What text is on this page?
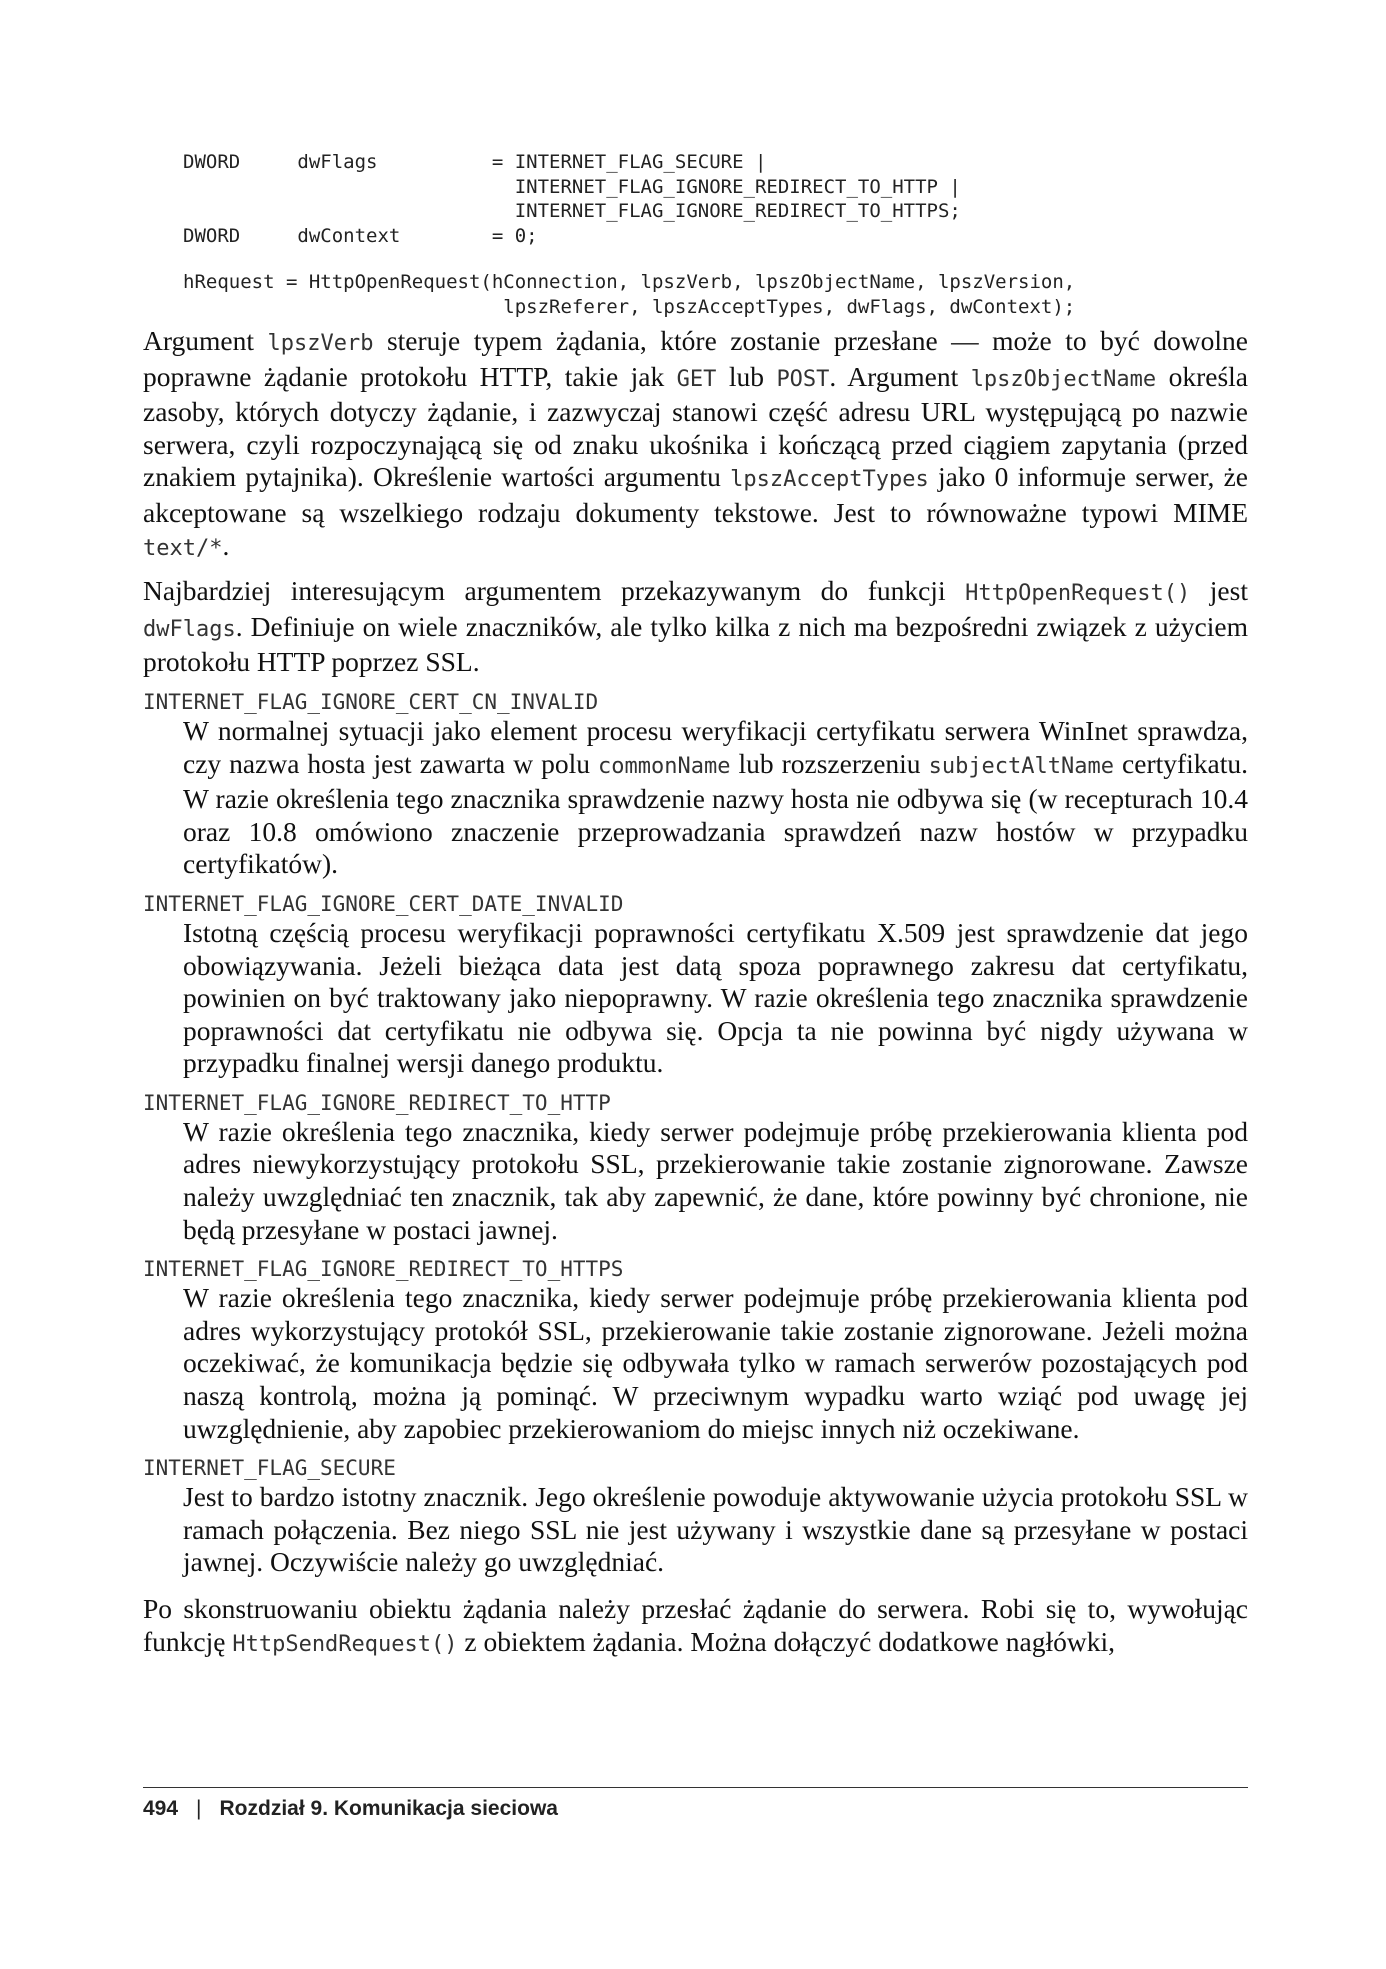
DWORD     dwFlags          = INTERNET_FLAG_SECURE |
INTERNET_FLAG_IGNORE_REDIRECT_TO_HTTP |
INTERNET_FLAG_IGNORE_REDIRECT_TO_HTTPS;
DWORD     dwContext        = 0;
hRequest = HttpOpenRequest(hConnection, lpszVerb, lpszObjectName, lpszVersion,
lpszReferer, lpszAcceptTypes, dwFlags, dwContext);

Argument lpszVerb steruje typem żądania, które zostanie przesłane — może to być dowolne poprawne żądanie protokołu HTTP, takie jak GET lub POST. Argument lpszObjectName określa zasoby, których dotyczy żądanie, i zazwyczaj stanowi część adresu URL występującą po nazwie serwera, czyli rozpoczynającą się od znaku ukośnika i kończącą przed ciągiem zapytania (przed znakiem pytajnika). Określenie wartości argumentu lpszAcceptTypes jako 0 informuje serwer, że akceptowane są wszelkiego rodzaju dokumenty tekstowe. Jest to równoważne typowi MIME text/*.

Najbardziej interesującym argumentem przekazywanym do funkcji HttpOpenRequest() jest dwFlags. Definiuje on wiele znaczników, ale tylko kilka z nich ma bezpośredni związek z użyciem protokołu HTTP poprzez SSL.

INTERNET_FLAG_IGNORE_CERT_CN_INVALID

W normalnej sytuacji jako element procesu weryfikacji certyfikatu serwera WinInet sprawdza, czy nazwa hosta jest zawarta w polu commonName lub rozszerzeniu subjectAltName certyfikatu. W razie określenia tego znacznika sprawdzenie nazwy hosta nie odbywa się (w recepturach 10.4 oraz 10.8 omówiono znaczenie przeprowadzania sprawdzeń nazw hostów w przypadku certyfikatów).

INTERNET_FLAG_IGNORE_CERT_DATE_INVALID

Istotną częścią procesu weryfikacji poprawności certyfikatu X.509 jest sprawdzenie dat jego obowiązywania. Jeżeli bieżąca data jest datą spoza poprawnego zakresu dat certyfikatu, powinien on być traktowany jako niepoprawny. W razie określenia tego znacznika sprawdzenie poprawności dat certyfikatu nie odbywa się. Opcja ta nie powinna być nigdy używana w przypadku finalnej wersji danego produktu.

INTERNET_FLAG_IGNORE_REDIRECT_TO_HTTP

W razie określenia tego znacznika, kiedy serwer podejmuje próbę przekierowania klienta pod adres niewykorzystujący protokołu SSL, przekierowanie takie zostanie zignorowane. Zawsze należy uwzględniać ten znacznik, tak aby zapewnić, że dane, które powinny być chronione, nie będą przesyłane w postaci jawnej.

INTERNET_FLAG_IGNORE_REDIRECT_TO_HTTPS

W razie określenia tego znacznika, kiedy serwer podejmuje próbę przekierowania klienta pod adres wykorzystujący protokół SSL, przekierowanie takie zostanie zignorowane. Jeżeli można oczekiwać, że komunikacja będzie się odbywała tylko w ramach serwerów pozostających pod naszą kontrolą, można ją pominąć. W przeciwnym wypadku warto wziąć pod uwagę jej uwzględnienie, aby zapobiec przekierowaniom do miejsc innych niż oczekiwane.

INTERNET_FLAG_SECURE

Jest to bardzo istotny znacznik. Jego określenie powoduje aktywowanie użycia protokołu SSL w ramach połączenia. Bez niego SSL nie jest używany i wszystkie dane są przesyłane w postaci jawnej. Oczywiście należy go uwzględniać.

Po skonstruowaniu obiektu żądania należy przesłać żądanie do serwera. Robi się to, wywołując funkcję HttpSendRequest() z obiektem żądania. Można dołączyć dodatkowe nagłówki,

494 | Rozdział 9. Komunikacja sieciowa
